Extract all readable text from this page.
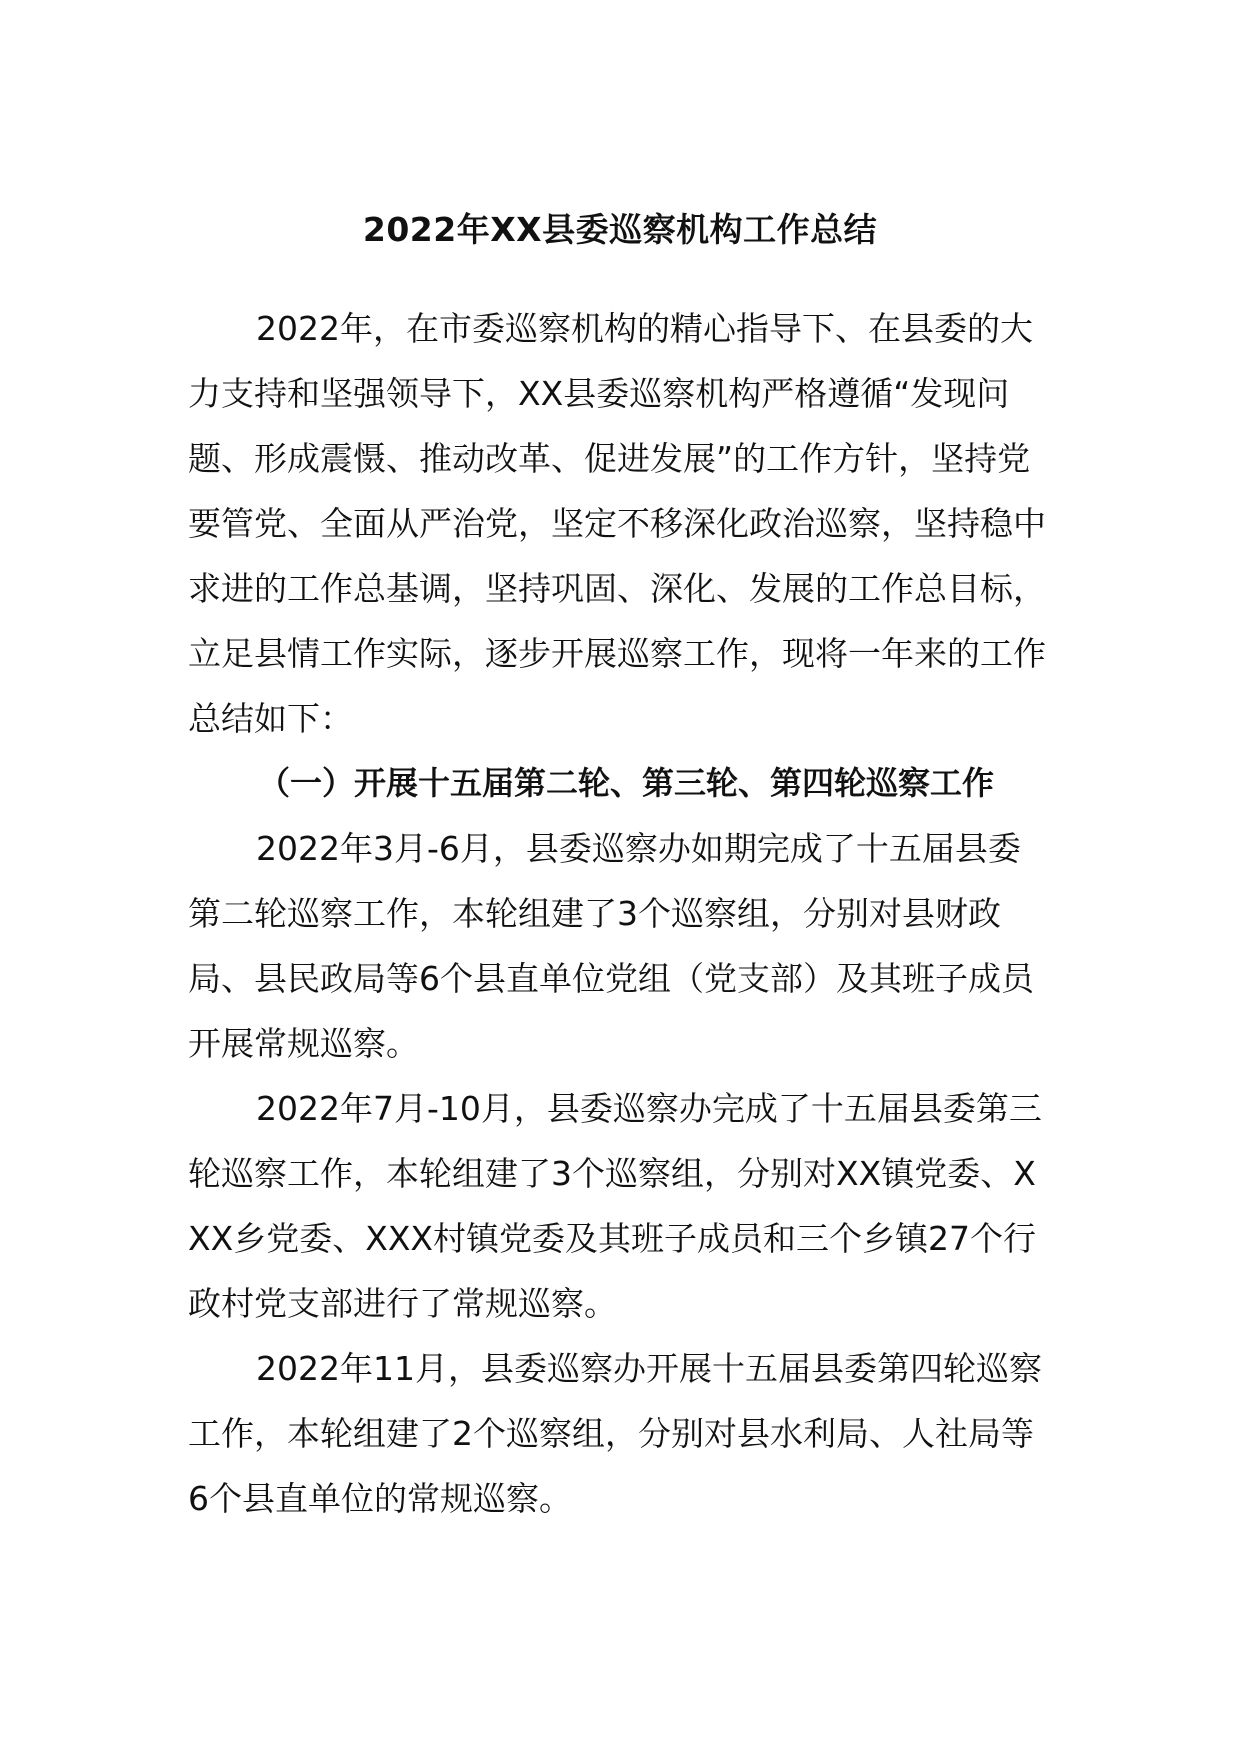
2022年XX县委巡察机构工作总结

2022年，在市委巡察机构的精心指导下、在县委的大力支持和坚强领导下，XX县委巡察机构严格遵循“发现问题、形成震慑、推动改革、促进发展”的工作方针，坚持党要管党、全面从严治党，坚定不移深化政治巡察，坚持稳中求进的工作总基调，坚持巩固、深化、发展的工作总目标，立足县情工作实际，逐步开展巡察工作，现将一年来的工作总结如下：

（一）开展十五届第二轮、第三轮、第四轮巡察工作

2022年3月-6月，县委巡察办如期完成了十五届县委第二轮巡察工作，本轮组建了3个巡察组，分别对县财政局、县民政局等6个县直单位党组（党支部）及其班子成员开展常规巡察。

2022年7月-10月，县委巡察办完成了十五届县委第三轮巡察工作，本轮组建了3个巡察组，分别对XX镇党委、XXX乡党委、XXX村镇党委及其班子成员和三个乡镇27个行政村党支部进行了常规巡察。

2022年11月，县委巡察办开展十五届县委第四轮巡察工作，本轮组建了2个巡察组，分别对县水利局、人社局等6个县直单位的常规巡察。
